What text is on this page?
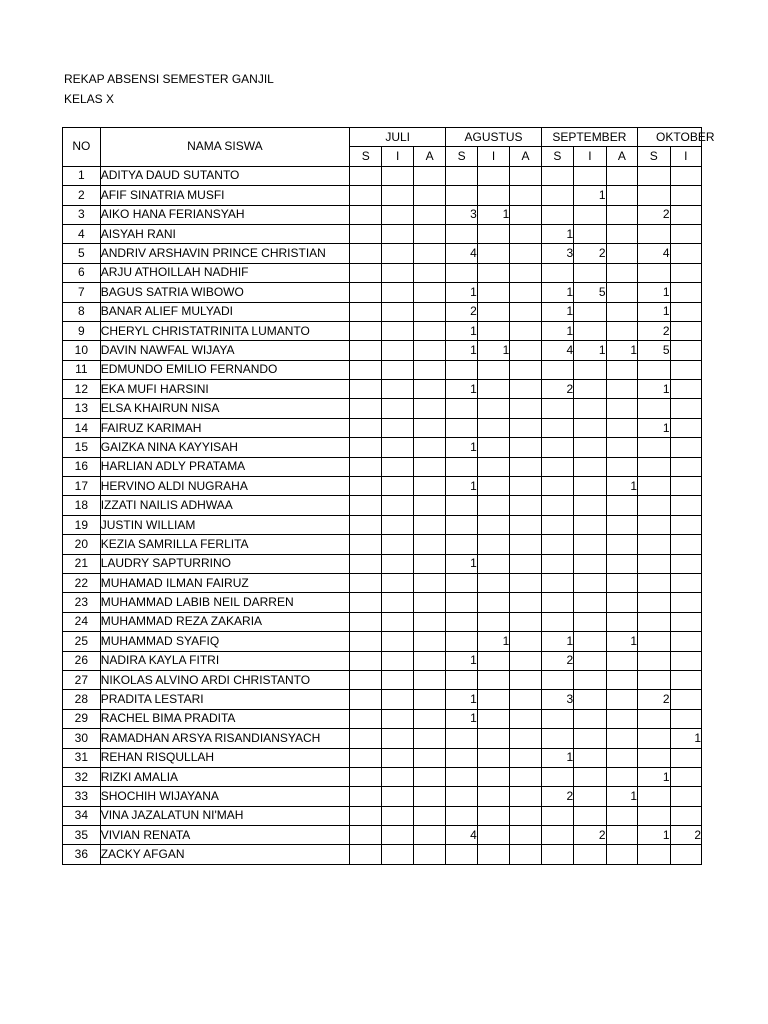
REKAP ABSENSI SEMESTER GANJIL
KELAS X
NO	NAMA SISWA	JULI			AGUSTUS			SEPTEMBER			OKTOBER	
		S	I	A	S	I	A	S	I	A	S	I
1	ADITYA DAUD SUTANTO											
2	AFIF SINATRIA MUSFI								1			
3	AIKO HANA FERIANSYAH				3	1					2	
4	AISYAH RANI							1				
5	ANDRIV ARSHAVIN PRINCE CHRISTIAN				4			3	2		4	
6	ARJU ATHOILLAH NADHIF											
7	BAGUS SATRIA WIBOWO				1			1	5		1	
8	BANAR ALIEF MULYADI				2			1			1	
9	CHERYL CHRISTATRINITA LUMANTO				1			1			2	
10	DAVIN NAWFAL WIJAYA				1	1		4	1	1	5	
11	EDMUNDO EMILIO FERNANDO											
12	EKA MUFI HARSINI				1			2			1	
13	ELSA KHAIRUN NISA											
14	FAIRUZ KARIMAH										1	
15	GAIZKA NINA KAYYISAH				1							
16	HARLIAN ADLY PRATAMA											
17	HERVINO ALDI NUGRAHA				1					1		
18	IZZATI NAILIS ADHWAA											
19	JUSTIN WILLIAM											
20	KEZIA SAMRILLA FERLITA											
21	LAUDRY SAPTURRINO				1							
22	MUHAMAD ILMAN FAIRUZ											
23	MUHAMMAD LABIB NEIL DARREN											
24	MUHAMMAD REZA ZAKARIA											
25	MUHAMMAD SYAFIQ					1		1		1		
26	NADIRA KAYLA FITRI				1			2				
27	NIKOLAS ALVINO ARDI CHRISTANTO											
28	PRADITA LESTARI				1			3			2	
29	RACHEL BIMA PRADITA				1							
30	RAMADHAN ARSYA RISANDIANSYACH											1
31	REHAN RISQULLAH							1				
32	RIZKI AMALIA										1	
33	SHOCHIH WIJAYANA							2		1		
34	VINA JAZALATUN NI'MAH											
35	VIVIAN RENATA				4				2		1	2
36	ZACKY AFGAN											
